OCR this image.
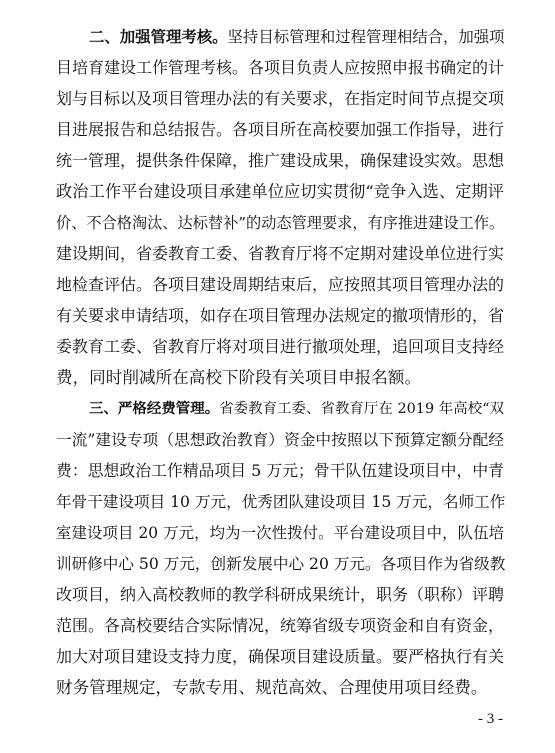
二、加强管理考核。坚持目标管理和过程管理相结合，加强项
目培育建设工作管理考核。各项目负责人应按照申报书确定的计
划与目标以及项目管理办法的有关要求，在指定时间节点提交项
目进展报告和总结报告。各项目所在高校要加强工作指导，进行
统一管理，提供条件保障，推广建设成果，确保建设实效。思想
政治工作平台建设项目承建单位应切实贯彻“竞争入选、定期评
价、不合格淘汰、达标替补”的动态管理要求，有序推进建设工作。
建设期间，省委教育工委、省教育厅将不定期对建设单位进行实
地检查评估。各项目建设周期结束后，应按照其项目管理办法的
有关要求申请结项，如存在项目管理办法规定的撤项情形的，省
委教育工委、省教育厅将对项目进行撤项处理，追回项目支持经
费，同时削减所在高校下阶段有关项目申报名额。
三、严格经费管理。省委教育工委、省教育厅在 2019 年高校“双
一流”建设专项（思想政治教育）资金中按照以下预算定额分配经
费：思想政治工作精品项目 5 万元；骨干队伍建设项目中，中青
年骨干建设项目 10 万元，优秀团队建设项目 15 万元，名师工作
室建设项目 20 万元，均为一次性拨付。平台建设项目中，队伍培
训研修中心 50 万元，创新发展中心 20 万元。各项目作为省级教
改项目，纳入高校教师的教学科研成果统计，职务（职称）评聘
范围。各高校要结合实际情况，统筹省级专项资金和自有资金，
加大对项目建设支持力度，确保项目建设质量。要严格执行有关
财务管理规定，专款专用、规范高效、合理使用项目经费。
- 3 -
